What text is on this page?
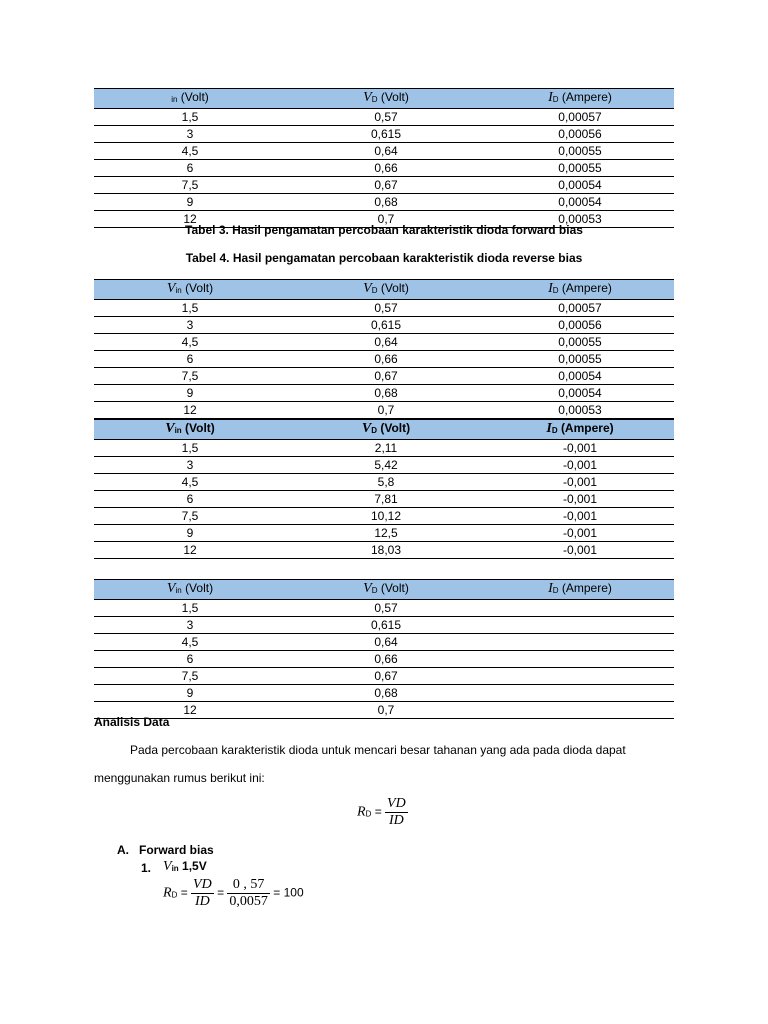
in (Volt)	VD (Volt)	ID (Ampere)
1,5	0,57	0,00057
3	0,615	0,00056
4,5	0,64	0,00055
6	0,66	0,00055
7,5	0,67	0,00054
9	0,68	0,00054
12	0,7	0,00053
Tabel 3. Hasil pengamatan percobaan karakteristik dioda forward bias
Tabel 4. Hasil pengamatan percobaan karakteristik dioda reverse bias
Vin (Volt)	VD (Volt)	ID (Ampere)
1,5	0,57	0,00057
3	0,615	0,00056
4,5	0,64	0,00055
6	0,66	0,00055
7,5	0,67	0,00054
9	0,68	0,00054
12	0,7	0,00053
Vin (Volt)	VD (Volt)	ID (Ampere)
1,5	2,11	-0,001
3	5,42	-0,001
4,5	5,8	-0,001
6	7,81	-0,001
7,5	10,12	-0,001
9	12,5	-0,001
12	18,03	-0,001
Vin (Volt)	VD (Volt)	ID (Ampere)
1,5	0,57	
3	0,615	
4,5	0,64	
6	0,66	
7,5	0,67	
9	0,68	
12	0,7	
Analisis Data
Pada percobaan karakteristik dioda untuk mencari besar tahanan yang ada pada dioda dapat
menggunakan rumus berikut ini:
RD = $\frac{VD}{ID}$
A. Forward bias
1. Vin 1,5V
RD = $\frac{VD}{ID} = \frac{0 , 57}{0,0057} = 100$
